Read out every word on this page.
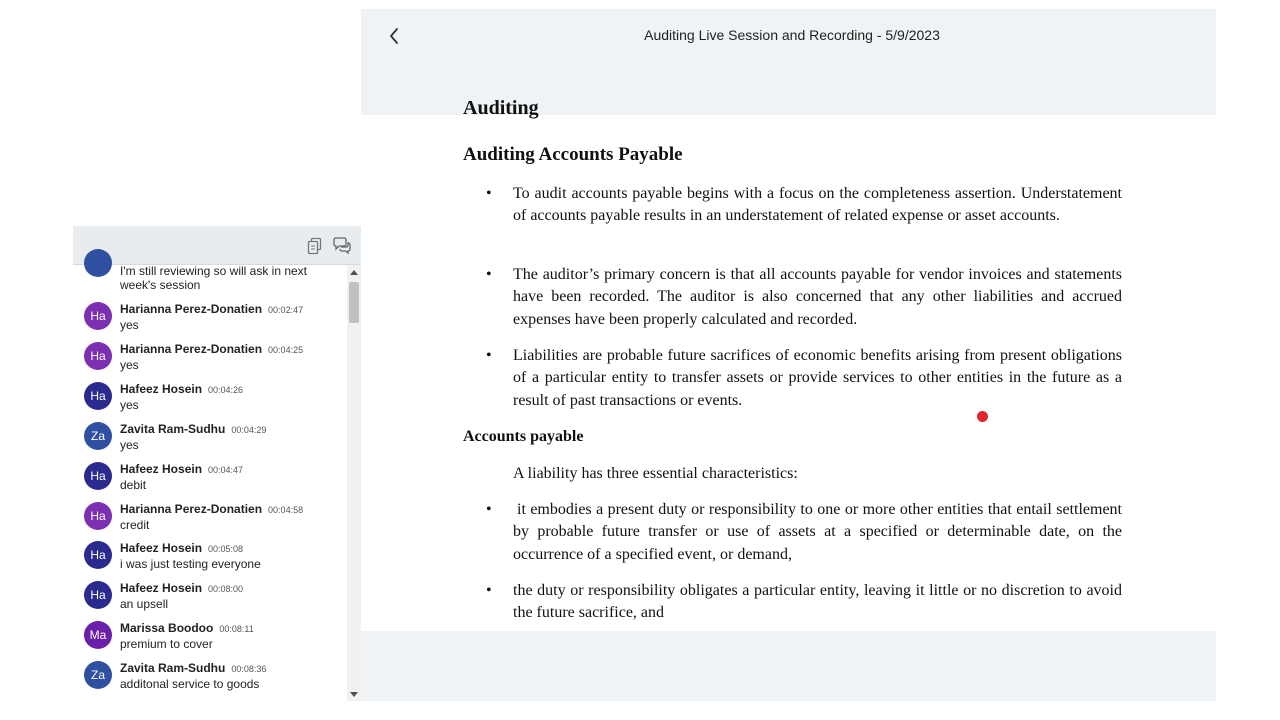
I'm still reviewing so will ask in next week's session
Ha	Harianna Perez-Donatien 00:02:47
yes
Ha	Harianna Perez-Donatien 00:04:25
yes
Ha	Hafeez Hosein 00:04:26
yes
Za	Zavita Ram-Sudhu 00:04:29
yes
Ha	Hafeez Hosein 00:04:47
debit
Ha	Harianna Perez-Donatien 00:04:58
credit
Ha	Hafeez Hosein 00:05:08
i was just testing everyone
Ha	Hafeez Hosein 00:08:00
an upsell
Ma	Marissa Boodoo 00:08:11
premium to cover
Za	Zavita Ram-Sudhu 00:08:36
additonal service to goods
Auditing Live Session and Recording - 5/9/2023
Auditing
Auditing Accounts Payable
• To audit accounts payable begins with a focus on the completeness assertion. Understatement of accounts payable results in an understatement of related expense or asset accounts.
• The auditor’s primary concern is that all accounts payable for vendor invoices and statements have been recorded. The auditor is also concerned that any other liabilities and accrued expenses have been properly calculated and recorded.
• Liabilities are probable future sacrifices of economic benefits arising from present obligations of a particular entity to transfer assets or provide services to other entities in the future as a result of past transactions or events.
Accounts payable
A liability has three essential characteristics:
• it embodies a present duty or responsibility to one or more other entities that entail settlement by probable future transfer or use of assets at a specified or determinable date, on the occurrence of a specified event, or demand,
• the duty or responsibility obligates a particular entity, leaving it little or no discretion to avoid the future sacrifice, and
